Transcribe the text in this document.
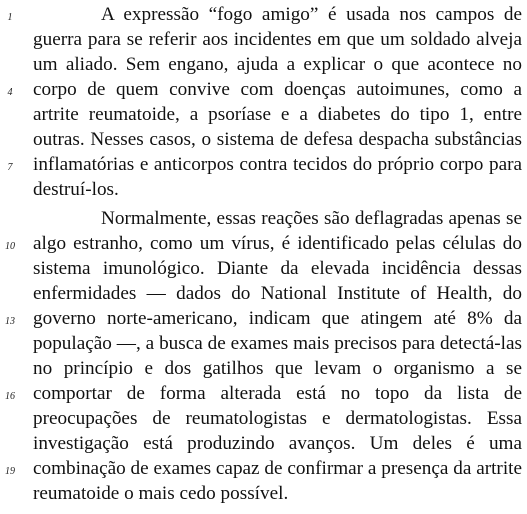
1	A expressão “fogo amigo” é usada nos campos de
guerra para se referir aos incidentes em que um soldado alveja
um aliado. Sem engano, ajuda a explicar o que acontece no
4	corpo de quem convive com doenças autoimunes, como a
artrite reumatoide, a psoríase e a diabetes do tipo 1, entre
outras. Nesses casos, o sistema de defesa despacha substâncias
7	inflamatórias e anticorpos contra tecidos do próprio corpo para
destruí-los.
Normalmente, essas reações são deflagradas apenas se
10 algo estranho, como um vírus, é identificado pelas células do
sistema imunológico. Diante da elevada incidência dessas
enfermidades — dados do National Institute of Health, do
13 governo norte-americano, indicam que atingem até 8% da
população —, a busca de exames mais precisos para detectá-las
no princípio e dos gatilhos que levam o organismo a se
16 comportar de forma alterada está no topo da lista de
preocupações de reumatologistas e dermatologistas. Essa
investigação está produzindo avanços. Um deles é uma
19 combinação de exames capaz de confirmar a presença da artrite
reumatoide o mais cedo possível.
